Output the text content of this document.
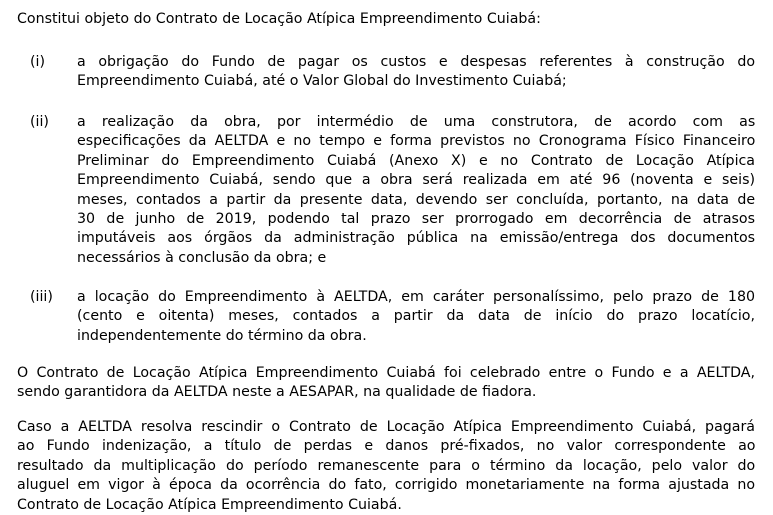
Constitui objeto do Contrato de Locação Atípica Empreendimento Cuiabá:

(i) a obrigação do Fundo de pagar os custos e despesas referentes à construção do
Empreendimento Cuiabá, até o Valor Global do Investimento Cuiabá;

(ii) a realização da obra, por intermédio de uma construtora, de acordo com as
especificações da AELTDA e no tempo e forma previstos no Cronograma Físico Financeiro
Preliminar do Empreendimento Cuiabá (Anexo X) e no Contrato de Locação Atípica
Empreendimento Cuiabá, sendo que a obra será realizada em até 96 (noventa e seis)
meses, contados a partir da presente data, devendo ser concluída, portanto, na data de
30 de junho de 2019, podendo tal prazo ser prorrogado em decorrência de atrasos
imputáveis aos órgãos da administração pública na emissão/entrega dos documentos
necessários à conclusão da obra; e

(iii) a locação do Empreendimento à AELTDA, em caráter personalíssimo, pelo prazo de 180
(cento e oitenta) meses, contados a partir da data de início do prazo locatício,
independentemente do término da obra.

O Contrato de Locação Atípica Empreendimento Cuiabá foi celebrado entre o Fundo e a AELTDA,
sendo garantidora da AELTDA neste a AESAPAR, na qualidade de fiadora.

Caso a AELTDA resolva rescindir o Contrato de Locação Atípica Empreendimento Cuiabá, pagará
ao Fundo indenização, a título de perdas e danos pré-fixados, no valor correspondente ao
resultado da multiplicação do período remanescente para o término da locação, pelo valor do
aluguel em vigor à época da ocorrência do fato, corrigido monetariamente na forma ajustada no
Contrato de Locação Atípica Empreendimento Cuiabá.
